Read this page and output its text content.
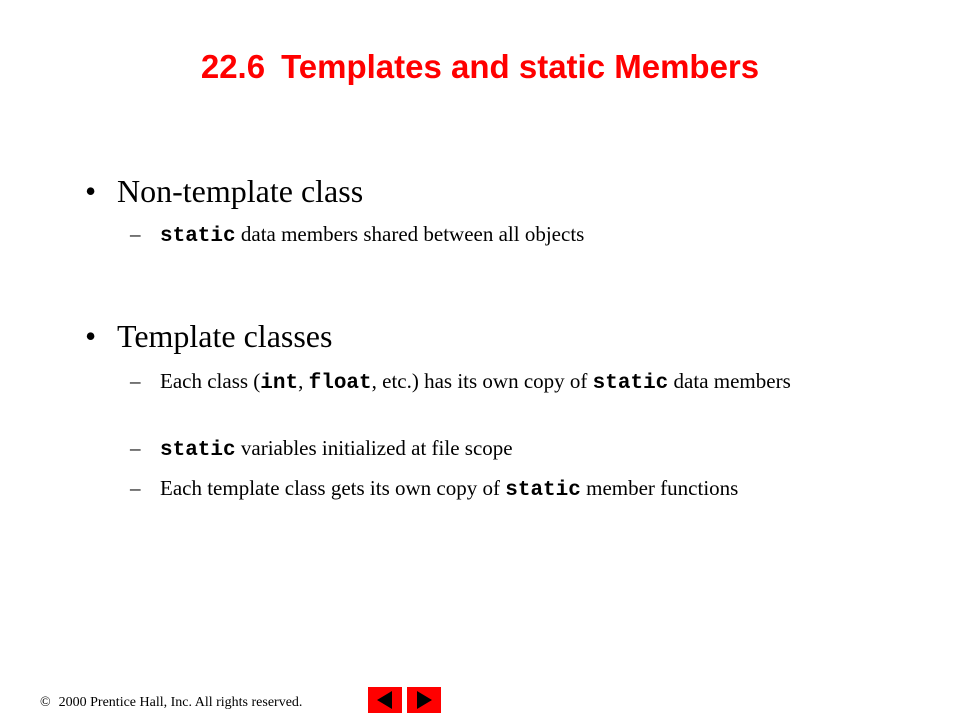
22.6 Templates and static Members
• Non-template class
– static data members shared between all objects
• Template classes
– Each class (int, float, etc.) has its own copy of static data members
– static variables initialized at file scope
– Each template class gets its own copy of static member functions
© 2000 Prentice Hall, Inc. All rights reserved.
